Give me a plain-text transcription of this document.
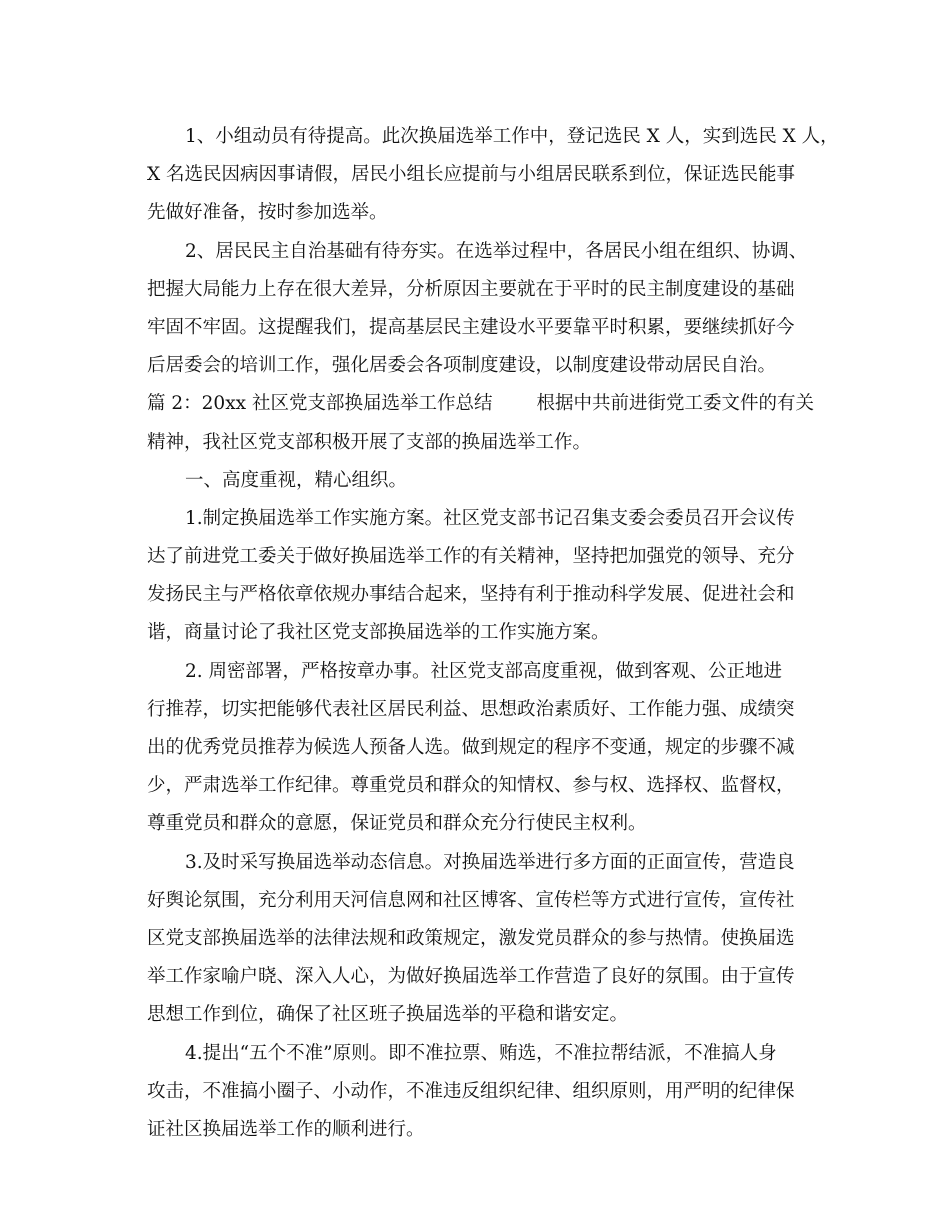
1、小组动员有待提高。此次换届选举工作中，登记选民 X 人，实到选民 X 人，
X 名选民因病因事请假，居民小组长应提前与小组居民联系到位，保证选民能事
先做好准备，按时参加选举。
2、居民民主自治基础有待夯实。在选举过程中，各居民小组在组织、协调、
把握大局能力上存在很大差异，分析原因主要就在于平时的民主制度建设的基础
牢固不牢固。这提醒我们，提高基层民主建设水平要靠平时积累，要继续抓好今
后居委会的培训工作，强化居委会各项制度建设，以制度建设带动居民自治。
篇 2：20xx 社区党支部换届选举工作总结 根据中共前进街党工委文件的有关
精神，我社区党支部积极开展了支部的换届选举工作。
一、高度重视，精心组织。
1.制定换届选举工作实施方案。社区党支部书记召集支委会委员召开会议传
达了前进党工委关于做好换届选举工作的有关精神，坚持把加强党的领导、充分
发扬民主与严格依章依规办事结合起来，坚持有利于推动科学发展、促进社会和
谐，商量讨论了我社区党支部换届选举的工作实施方案。
2. 周密部署，严格按章办事。社区党支部高度重视，做到客观、公正地进
行推荐，切实把能够代表社区居民利益、思想政治素质好、工作能力强、成绩突
出的优秀党员推荐为候选人预备人选。做到规定的程序不变通，规定的步骤不减
少，严肃选举工作纪律。尊重党员和群众的知情权、参与权、选择权、监督权，
尊重党员和群众的意愿，保证党员和群众充分行使民主权利。
3.及时采写换届选举动态信息。对换届选举进行多方面的正面宣传，营造良
好舆论氛围，充分利用天河信息网和社区博客、宣传栏等方式进行宣传，宣传社
区党支部换届选举的法律法规和政策规定，激发党员群众的参与热情。使换届选
举工作家喻户晓、深入人心，为做好换届选举工作营造了良好的氛围。由于宣传
思想工作到位，确保了社区班子换届选举的平稳和谐安定。
4.提出“五个不准”原则。即不准拉票、贿选，不准拉帮结派，不准搞人身
攻击，不准搞小圈子、小动作，不准违反组织纪律、组织原则，用严明的纪律保
证社区换届选举工作的顺利进行。
